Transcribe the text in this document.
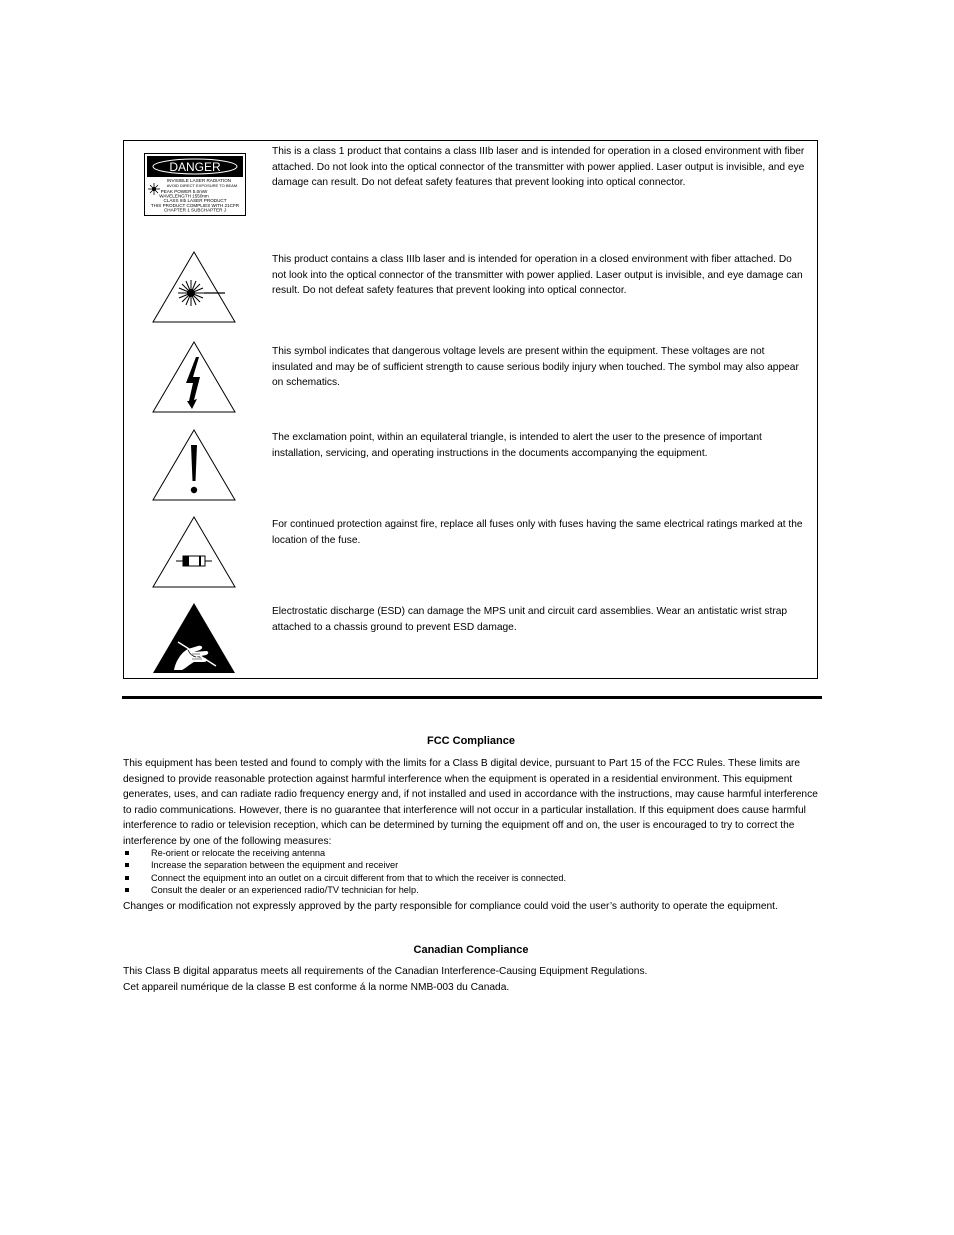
DANGER
INVISIBLE LASER RADIATION
AVOID DIRECT EXPOSURE TO BEAM
PEAK POWER 5.0mW
WAVELENGTH 1550nm
CLASS IIIb LASER PRODUCT
THIS PRODUCT COMPLIES WITH 21CFR
CHAPTER 1 SUBCHAPTER J
This is a class 1 product that contains a class IIIb laser and is intended for operation in a closed environment with fiber attached. Do not look into the optical connector of the transmitter with power applied. Laser output is invisible, and eye damage can result. Do not defeat safety features that prevent looking into optical connector.
This product contains a class IIIb laser and is intended for operation in a closed environment with fiber attached. Do not look into the optical connector of the transmitter with power applied. Laser output is invisible, and eye damage can result. Do not defeat safety features that prevent looking into optical connector.
This symbol indicates that dangerous voltage levels are present within the equipment. These voltages are not insulated and may be of sufficient strength to cause serious bodily injury when touched. The symbol may also appear on schematics.
The exclamation point, within an equilateral triangle, is intended to alert the user to the presence of important installation, servicing, and operating instructions in the documents accompanying the equipment.
For continued protection against fire, replace all fuses only with fuses having the same electrical ratings marked at the location of the fuse.
Electrostatic discharge (ESD) can damage the MPS unit and circuit card assemblies. Wear an antistatic wrist strap attached to a chassis ground to prevent ESD damage.
FCC Compliance
This equipment has been tested and found to comply with the limits for a Class B digital device, pursuant to Part 15 of the FCC Rules. These limits are designed to provide reasonable protection against harmful interference when the equipment is operated in a residential environment. This equipment generates, uses, and can radiate radio frequency energy and, if not installed and used in accordance with the instructions, may cause harmful interference to radio communications. However, there is no guarantee that interference will not occur in a particular installation. If this equipment does cause harmful interference to radio or television reception, which can be determined by turning the equipment off and on, the user is encouraged to try to correct the interference by one of the following measures:
Re-orient or relocate the receiving antenna
Increase the separation between the equipment and receiver
Connect the equipment into an outlet on a circuit different from that to which the receiver is connected.
Consult the dealer or an experienced radio/TV technician for help.
Changes or modification not expressly approved by the party responsible for compliance could void the user’s authority to operate the equipment.
Canadian Compliance
This Class B digital apparatus meets all requirements of the Canadian Interference-Causing Equipment Regulations.
Cet appareil numérique de la classe B est conforme á la norme NMB-003 du Canada.
